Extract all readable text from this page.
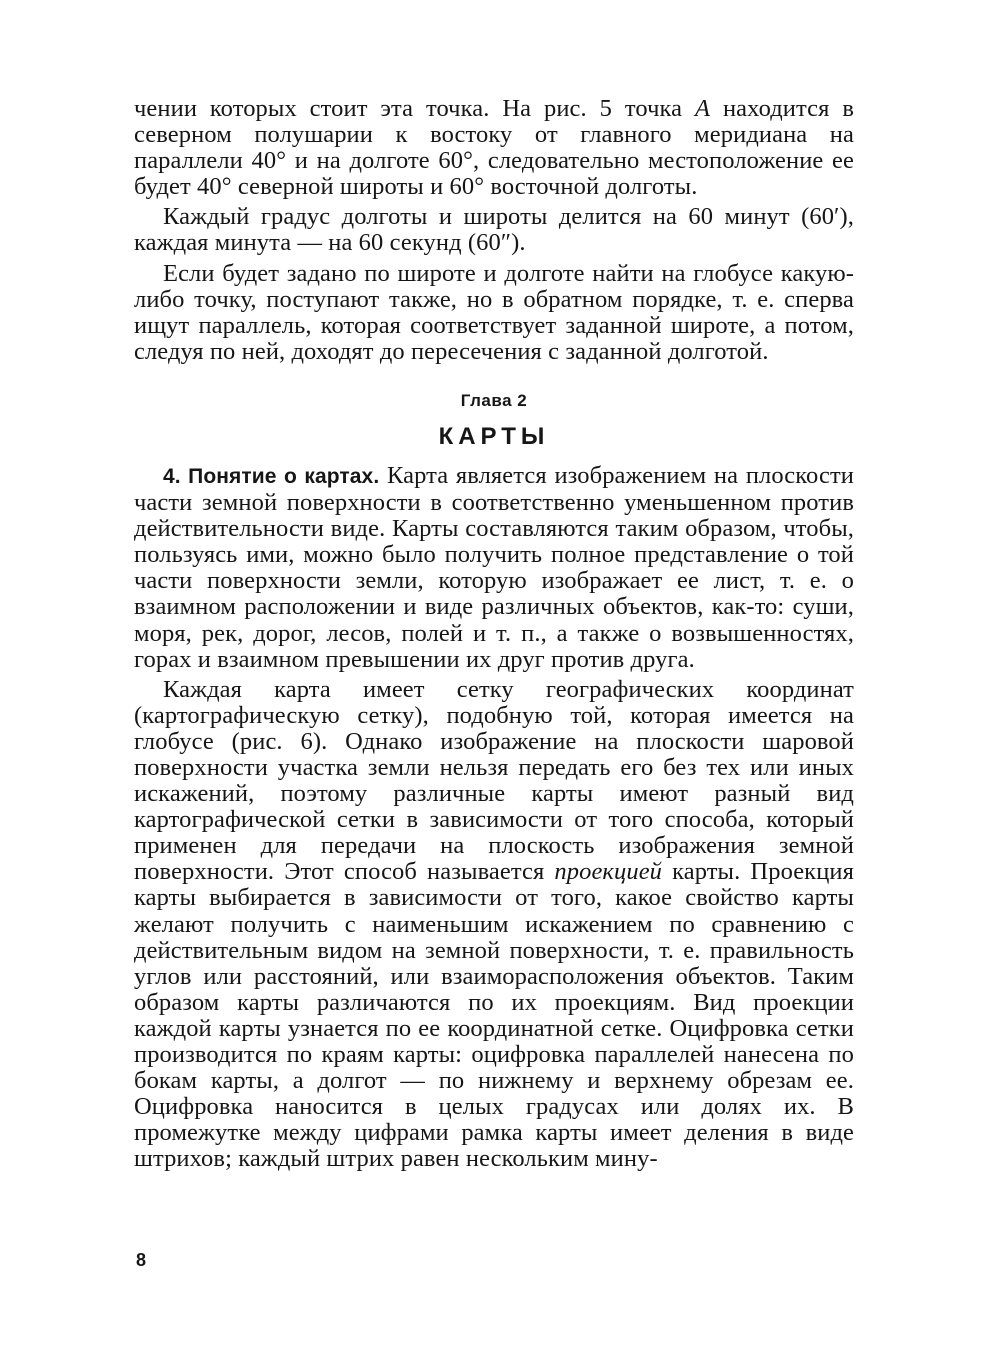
чении которых стоит эта точка. На рис. 5 точка A находится в северном полушарии к востоку от главного меридиана на параллели 40° и на долготе 60°, следовательно местоположение ее будет 40° северной широты и 60° восточной долготы.

Каждый градус долготы и широты делится на 60 минут (60′), каждая минута — на 60 секунд (60″).

Если будет задано по широте и долготе найти на глобусе какую-либо точку, поступают также, но в обратном порядке, т. е. сперва ищут параллель, которая соответствует заданной широте, а потом, следуя по ней, доходят до пересечения с заданной долготой.

Глава 2

КАРТЫ

4. Понятие о картах. Карта является изображением на плоскости части земной поверхности в соответственно уменьшенном против действительности виде. Карты составляются таким образом, чтобы, пользуясь ими, можно было получить полное представление о той части поверхности земли, которую изображает ее лист, т. е. о взаимном расположении и виде различных объектов, как-то: суши, моря, рек, дорог, лесов, полей и т. п., а также о возвышенностях, горах и взаимном превышении их друг против друга.

Каждая карта имеет сетку географических координат (картографическую сетку), подобную той, которая имеется на глобусе (рис. 6). Однако изображение на плоскости шаровой поверхности участка земли нельзя передать его без тех или иных искажений, поэтому различные карты имеют разный вид картографической сетки в зависимости от того способа, который применен для передачи на плоскость изображения земной поверхности. Этот способ называется проекцией карты. Проекция карты выбирается в зависимости от того, какое свойство карты желают получить с наименьшим искажением по сравнению с действительным видом на земной поверхности, т. е. правильность углов или расстояний, или взаиморасположения объектов. Таким образом карты различаются по их проекциям. Вид проекции каждой карты узнается по ее координатной сетке. Оцифровка сетки производится по краям карты: оцифровка параллелей нанесена по бокам карты, а долгот — по нижнему и верхнему обрезам ее. Оцифровка наносится в целых градусах или долях их. В промежутке между цифрами рамка карты имеет деления в виде штрихов; каждый штрих равен нескольким мину-

8
